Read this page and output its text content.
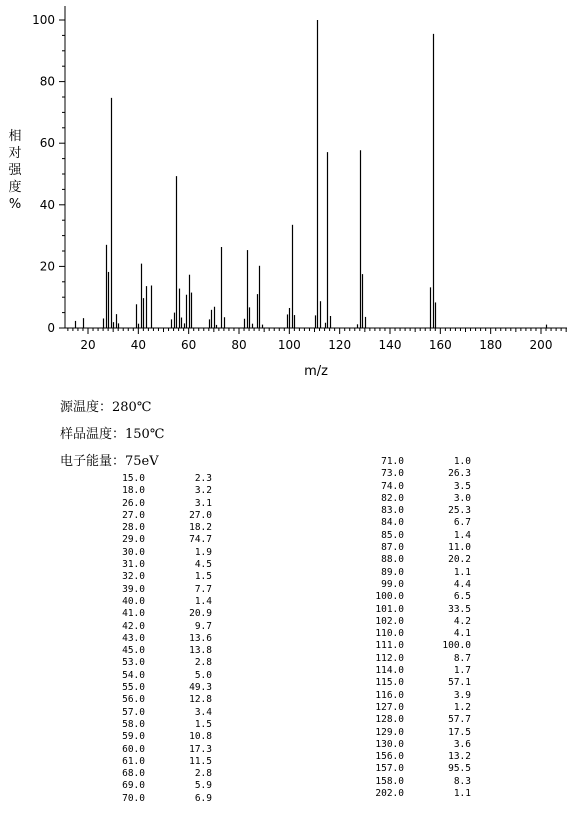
0
20
40
60
80
100
20	40	60	80	100 120 140 160 180 200
m/z
相
对
强
度
%
源温度：280℃
样品温度：150℃
电子能量：75eV
15.0	2.3
18.0	3.2
26.0	3.1
27.0	27.0
28.0	18.2
29.0	74.7
30.0	1.9
31.0	4.5
32.0	1.5
39.0	7.7
40.0	1.4
41.0	20.9
42.0	9.7
43.0	13.6
45.0	13.8
53.0	2.8
54.0	5.0
55.0	49.3
56.0	12.8
57.0	3.4
58.0	1.5
59.0	10.8
60.0	17.3
61.0	11.5
68.0	2.8
69.0	5.9
70.0	6.9
71.0	1.0
73.0	26.3
74.0	3.5
82.0	3.0
83.0	25.3
84.0	6.7
85.0	1.4
87.0	11.0
88.0	20.2
89.0	1.1
99.0	4.4
100.0	6.5
101.0	33.5
102.0	4.2
110.0	4.1
111.0	100.0
112.0	8.7
114.0	1.7
115.0	57.1
116.0	3.9
127.0	1.2
128.0	57.7
129.0	17.5
130.0	3.6
156.0	13.2
157.0	95.5
158.0	8.3
202.0	1.1
